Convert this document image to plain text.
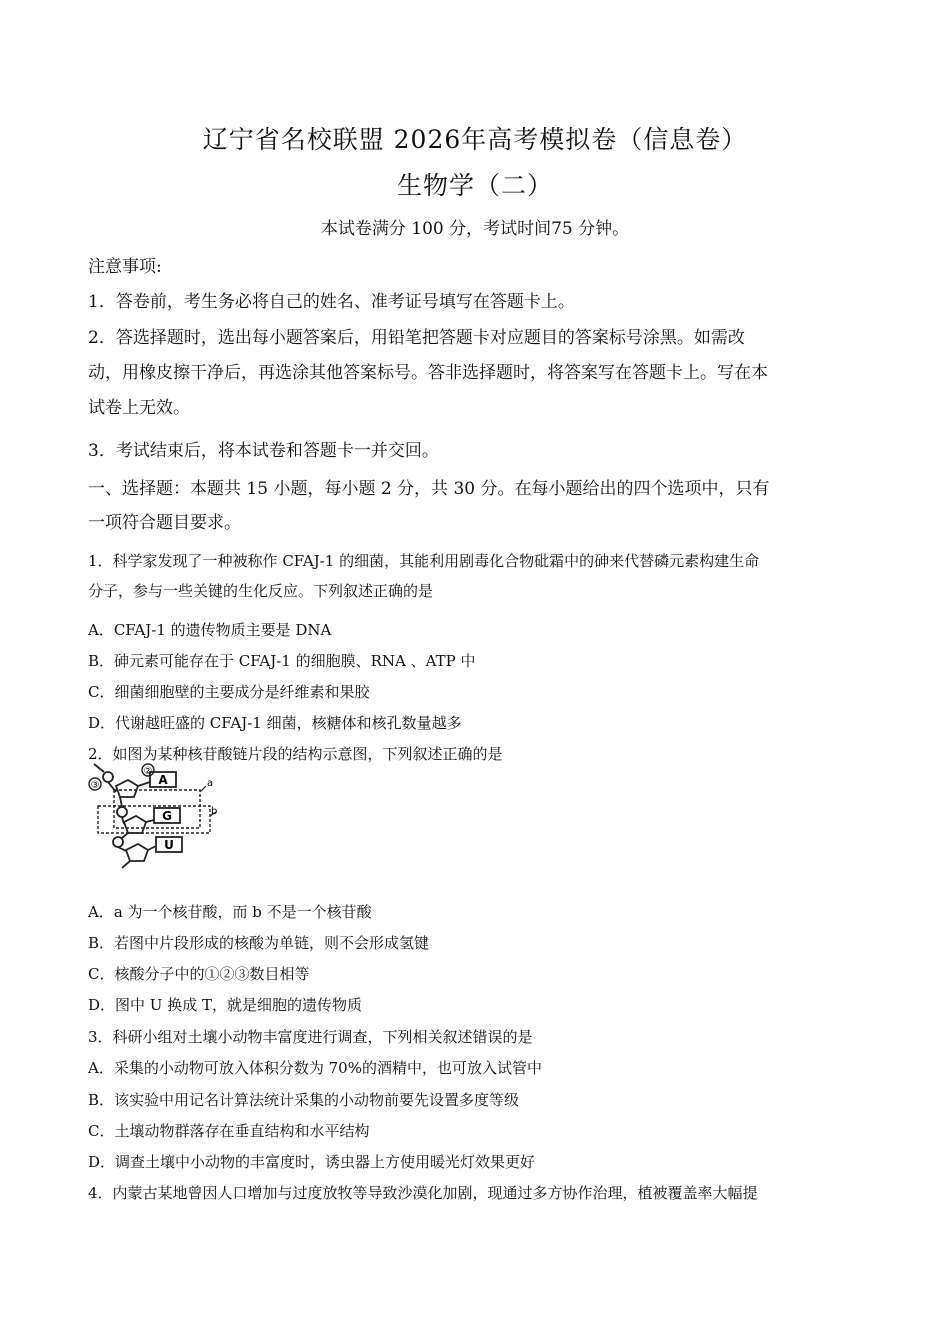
辽宁省名校联盟 2026年高考模拟卷（信息卷）
生物学（二）
本试卷满分 100 分，考试时间75 分钟。
注意事项:
1．答卷前，考生务必将自己的姓名、准考证号填写在答题卡上。
2．答选择题时，选出每小题答案后，用铅笔把答题卡对应题目的答案标号涂黑。如需改
动，用橡皮擦干净后，再选涂其他答案标号。答非选择题时，将答案写在答题卡上。写在本
试卷上无效。
3．考试结束后，将本试卷和答题卡一并交回。
一、选择题：本题共 15 小题，每小题 2 分，共 30 分。在每小题给出的四个选项中，只有
一项符合题目要求。
1．科学家发现了一种被称作 CFAJ-1 的细菌，其能利用剧毒化合物砒霜中的砷来代替磷元素构建生命
分子，参与一些关键的生化反应。下列叙述正确的是
A．CFAJ-1 的遗传物质主要是 DNA
B．砷元素可能存在于 CFAJ-1 的细胞膜、RNA 、ATP 中
C．细菌细胞壁的主要成分是纤维素和果胶
D．代谢越旺盛的 CFAJ-1 细菌，核糖体和核孔数量越多
2．如图为某种核苷酸链片段的结构示意图，下列叙述正确的是
③
②
A
G
U
a
b
A．a 为一个核苷酸，而 b 不是一个核苷酸
B．若图中片段形成的核酸为单链，则不会形成氢键
C．核酸分子中的①②③数目相等
D．图中 U 换成 T，就是细胞的遗传物质
3．科研小组对土壤小动物丰富度进行调查，下列相关叙述错误的是
A．采集的小动物可放入体积分数为 70%的酒精中，也可放入试管中
B．该实验中用记名计算法统计采集的小动物前要先设置多度等级
C．土壤动物群落存在垂直结构和水平结构
D．调查土壤中小动物的丰富度时，诱虫器上方使用暖光灯效果更好
4．内蒙古某地曾因人口增加与过度放牧等导致沙漠化加剧，现通过多方协作治理，植被覆盖率大幅提
